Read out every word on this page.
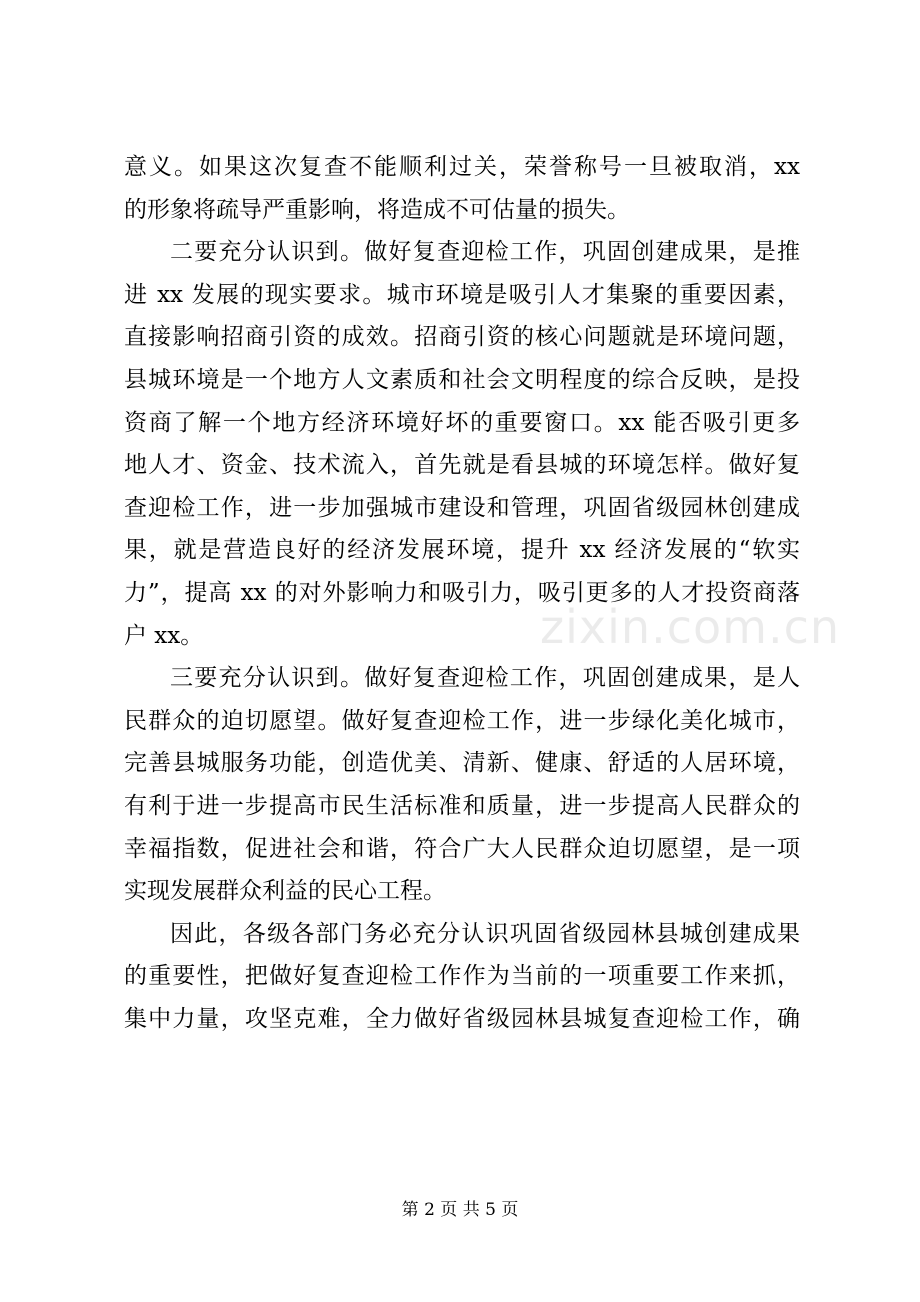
意义。如果这次复查不能顺利过关，荣誉称号一旦被取消，xx
的形象将疏导严重影响，将造成不可估量的损失。
二要充分认识到。做好复查迎检工作，巩固创建成果，是推
进 xx 发展的现实要求。城市环境是吸引人才集聚的重要因素，
直接影响招商引资的成效。招商引资的核心问题就是环境问题，
县城环境是一个地方人文素质和社会文明程度的综合反映，是投
资商了解一个地方经济环境好坏的重要窗口。xx 能否吸引更多
地人才、资金、技术流入，首先就是看县城的环境怎样。做好复
查迎检工作，进一步加强城市建设和管理，巩固省级园林创建成
果，就是营造良好的经济发展环境，提升 xx 经济发展的“软实
力”，提高 xx 的对外影响力和吸引力，吸引更多的人才投资商落
户 xx。
三要充分认识到。做好复查迎检工作，巩固创建成果，是人
民群众的迫切愿望。做好复查迎检工作，进一步绿化美化城市，
完善县城服务功能，创造优美、清新、健康、舒适的人居环境，
有利于进一步提高市民生活标准和质量，进一步提高人民群众的
幸福指数，促进社会和谐，符合广大人民群众迫切愿望，是一项
实现发展群众利益的民心工程。
因此，各级各部门务必充分认识巩固省级园林县城创建成果
的重要性，把做好复查迎检工作作为当前的一项重要工作来抓，
集中力量，攻坚克难，全力做好省级园林县城复查迎检工作，确
zixin.com.cn
第 2 页 共 5 页
